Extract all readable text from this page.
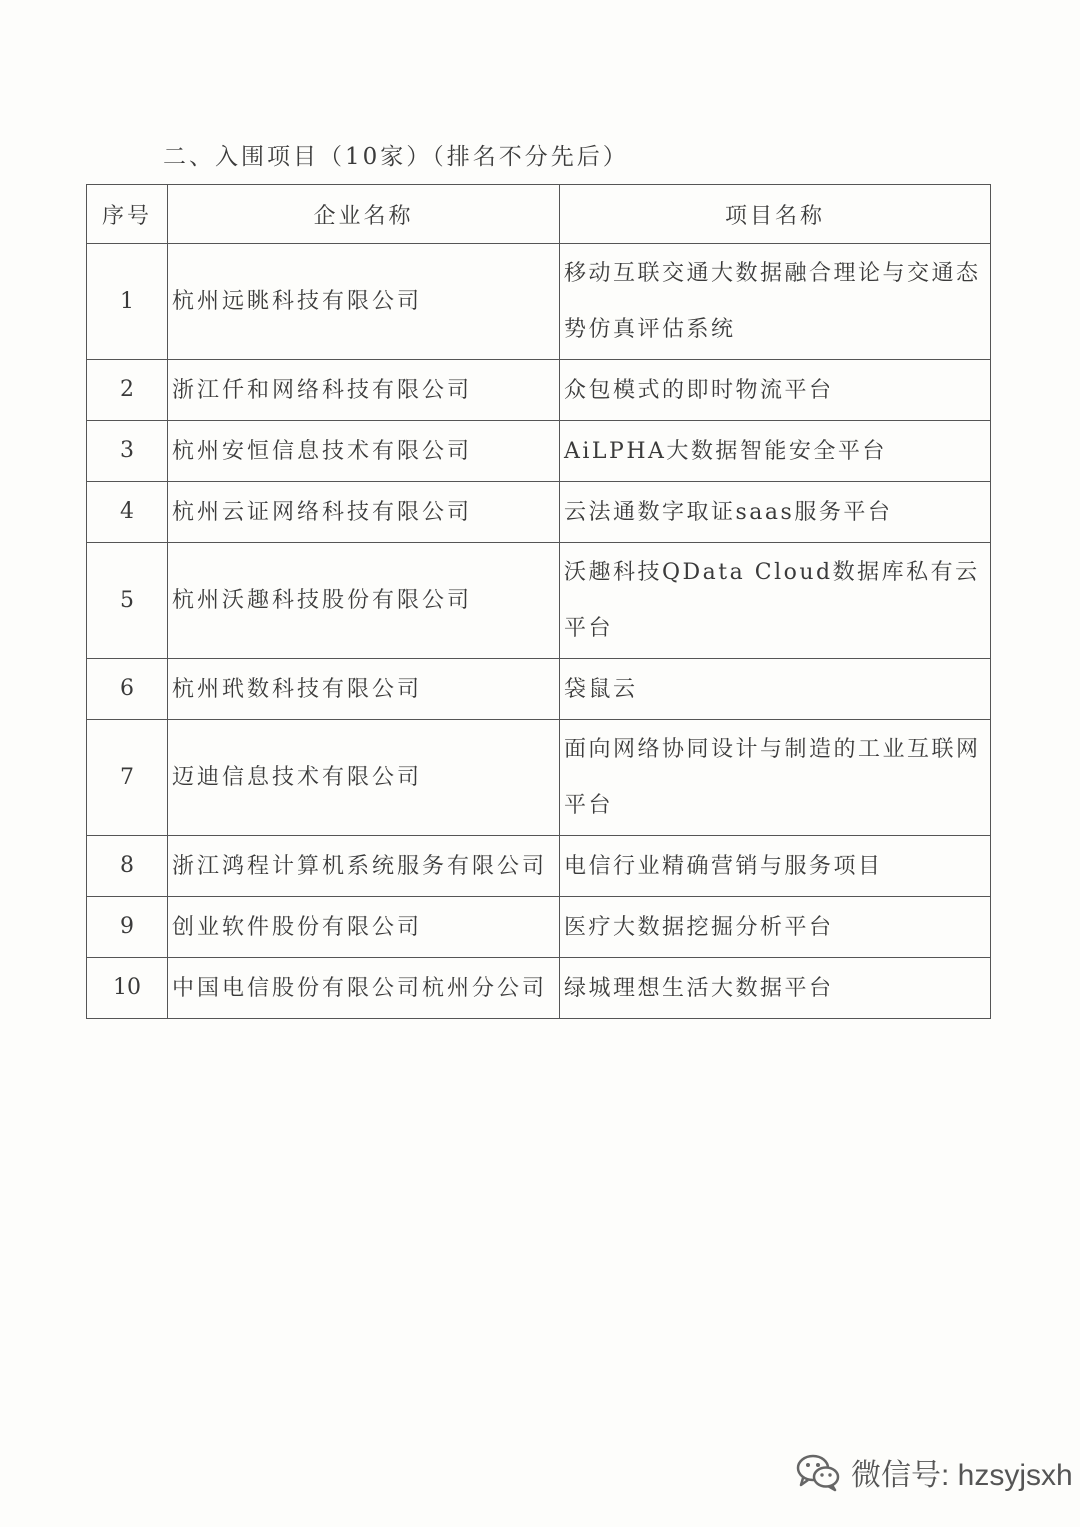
二、入围项目（10家）（排名不分先后）
序号	企业名称	项目名称
1	杭州远眺科技有限公司	移动互联交通大数据融合理论与交通态势仿真评估系统
2	浙江仟和网络科技有限公司	众包模式的即时物流平台
3	杭州安恒信息技术有限公司	AiLPHA大数据智能安全平台
4	杭州云证网络科技有限公司	云法通数字取证saas服务平台
5	杭州沃趣科技股份有限公司	沃趣科技QData Cloud数据库私有云平台
6	杭州玳数科技有限公司	袋鼠云
7	迈迪信息技术有限公司	面向网络协同设计与制造的工业互联网平台
8	浙江鸿程计算机系统服务有限公司	电信行业精确营销与服务项目
9	创业软件股份有限公司	医疗大数据挖掘分析平台
10	中国电信股份有限公司杭州分公司	绿城理想生活大数据平台
微信号: hzsyjsxh
